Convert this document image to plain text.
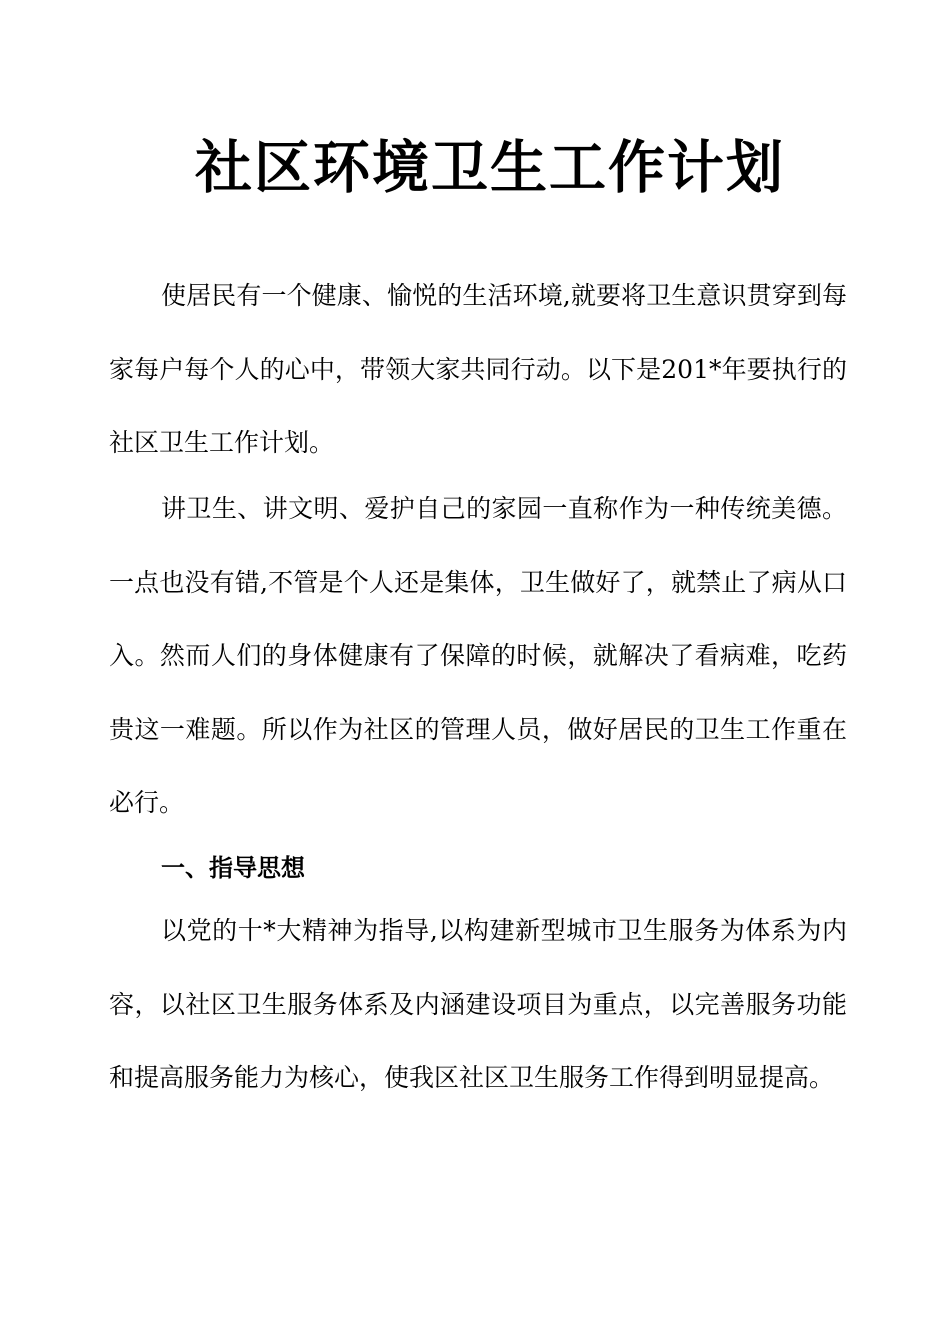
社区环境卫生工作计划

使居民有一个健康、愉悦的生活环境,就要将卫生意识贯穿到每家每户每个人的心中，带领大家共同行动。以下是201*年要执行的社区卫生工作计划。

讲卫生、讲文明、爱护自己的家园一直称作为一种传统美德。一点也没有错,不管是个人还是集体，卫生做好了，就禁止了病从口入。然而人们的身体健康有了保障的时候，就解决了看病难，吃药贵这一难题。所以作为社区的管理人员，做好居民的卫生工作重在必行。

一、指导思想

以党的十*大精神为指导,以构建新型城市卫生服务为体系为内容，以社区卫生服务体系及内涵建设项目为重点，以完善服务功能和提高服务能力为核心，使我区社区卫生服务工作得到明显提高。
